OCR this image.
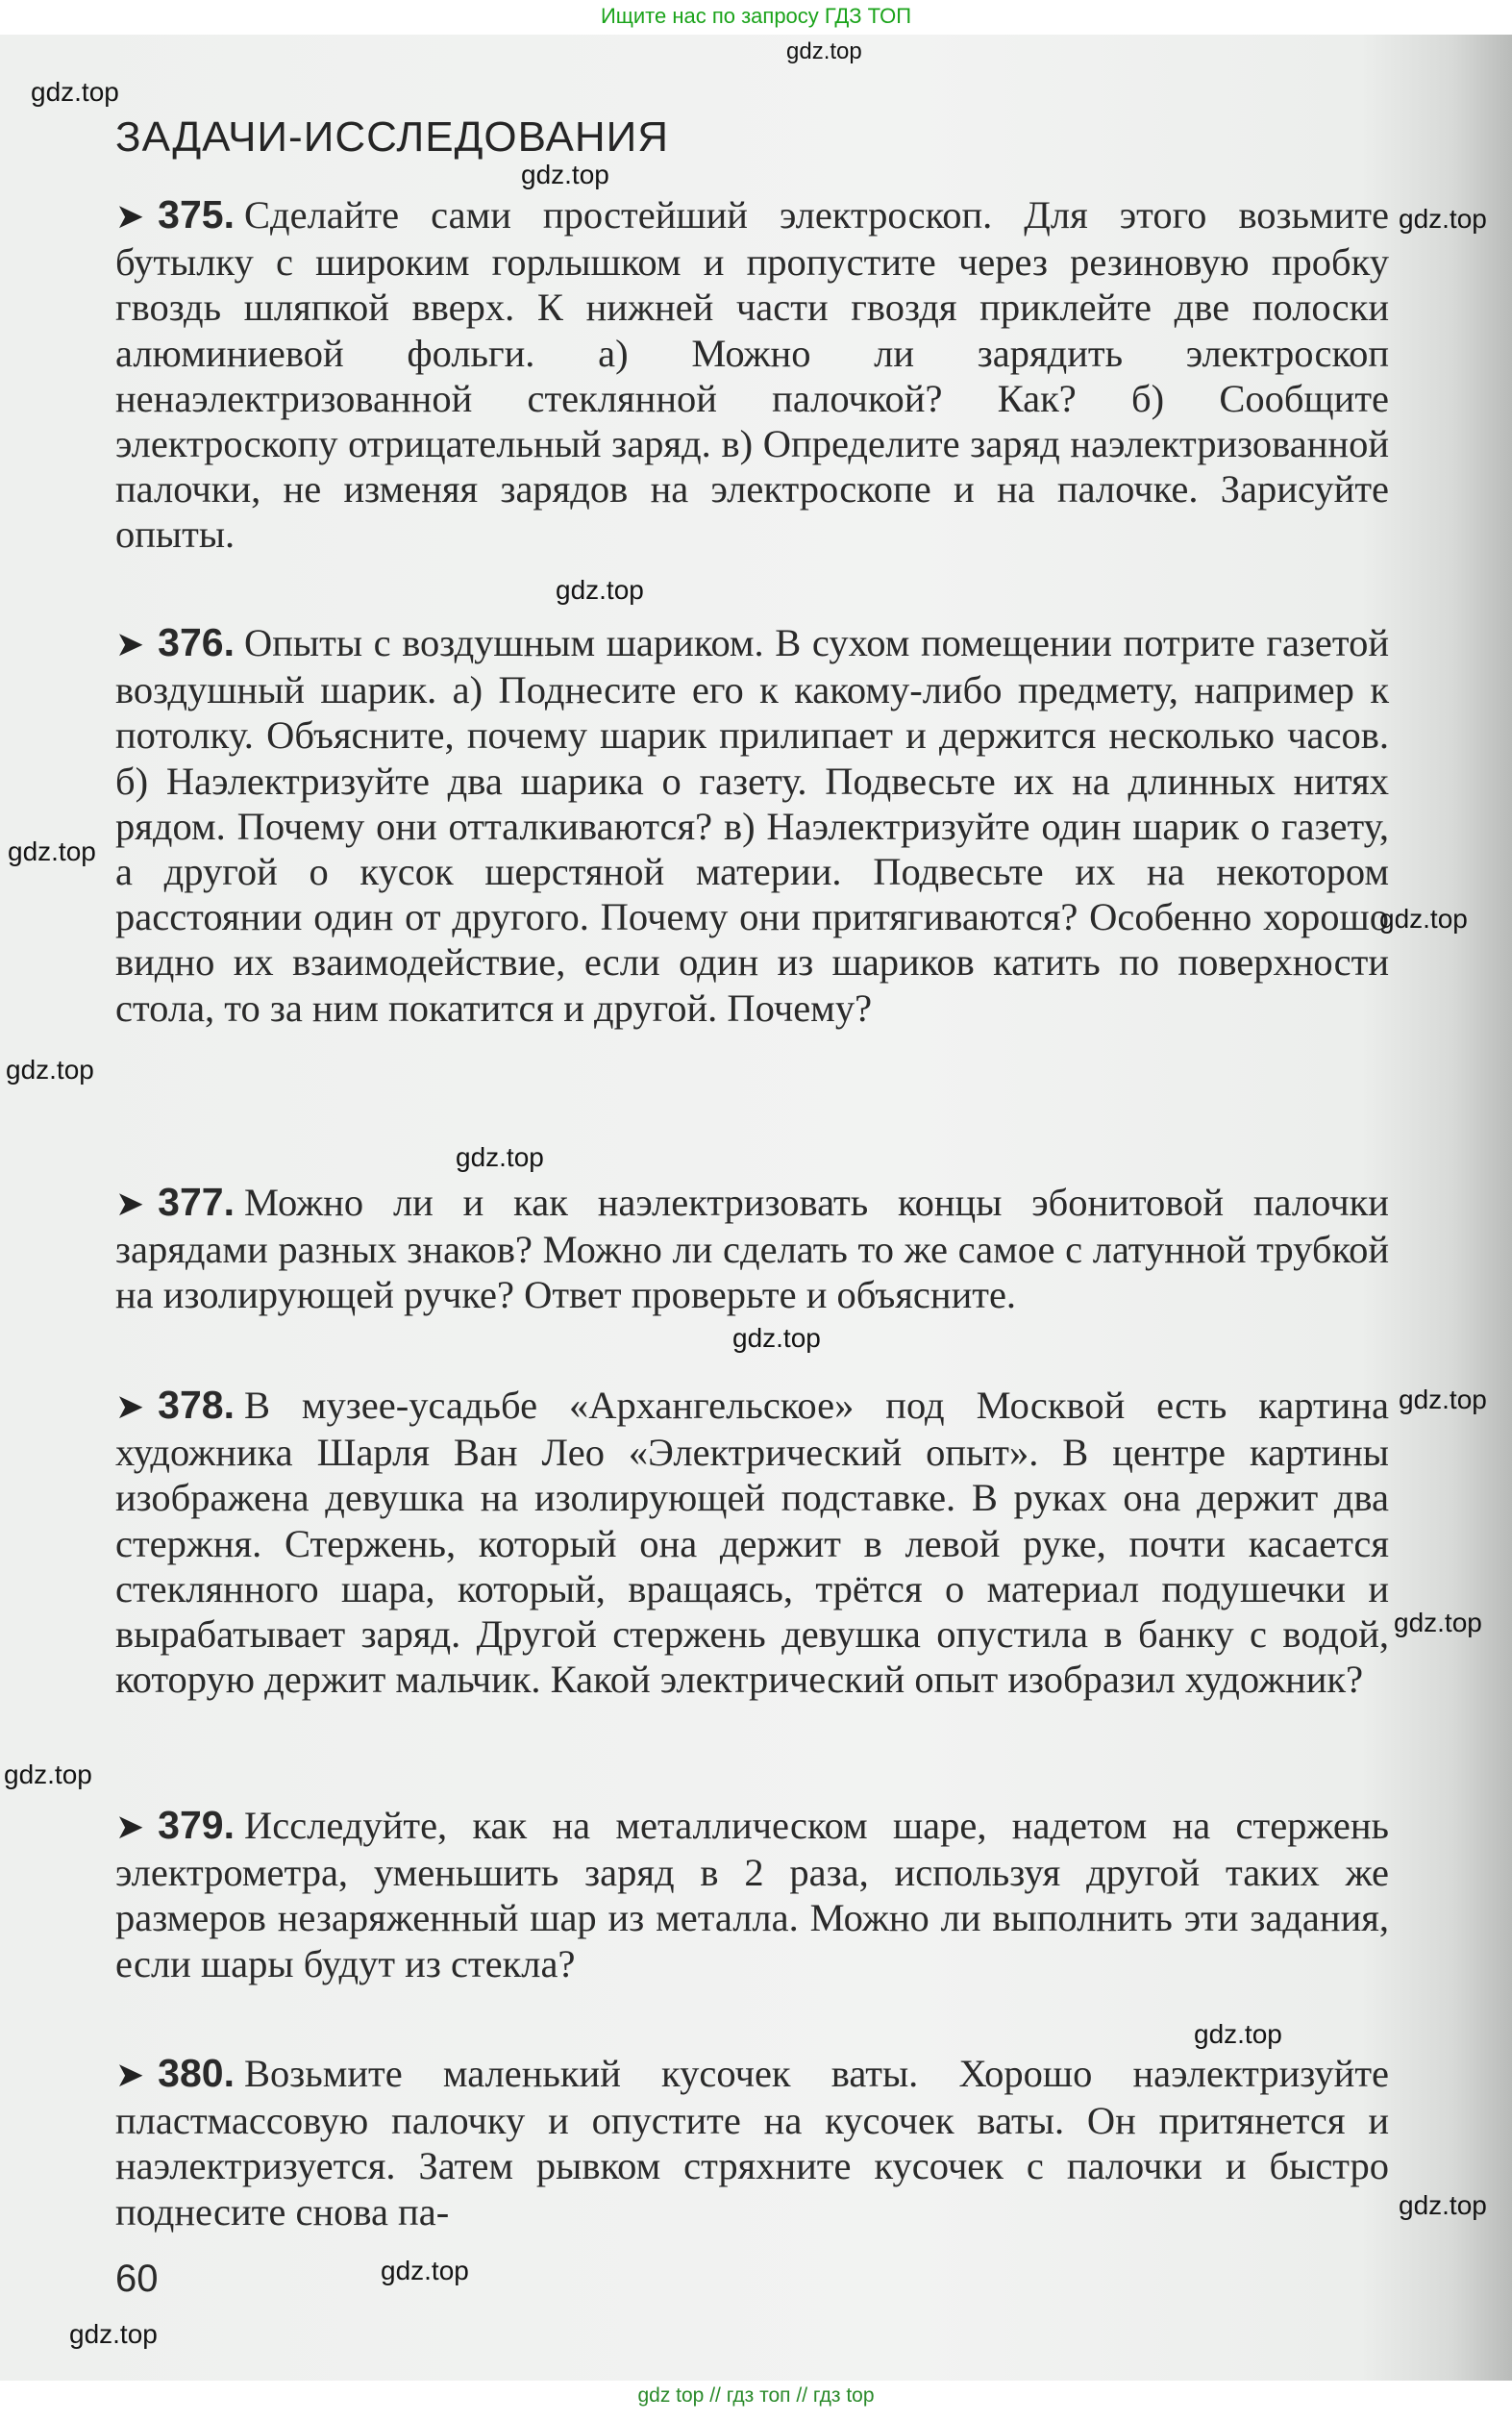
Ищите нас по запросу ГДЗ ТОП
ЗАДАЧИ-ИССЛЕДОВАНИЯ
➤ 375. Сделайте сами простейший электроскоп. Для этого возьмите бутылку с широким горлышком и пропустите через резиновую пробку гвоздь шляпкой вверх. К нижней части гвоздя приклейте две полоски алюминиевой фольги. а) Можно ли зарядить электроскоп ненаэлектризованной стеклянной палочкой? Как? б) Сообщите электроскопу отрицательный заряд. в) Определите заряд наэлектризованной палочки, не изменяя зарядов на электроскопе и на палочке. Зарисуйте опыты.
➤ 376. Опыты с воздушным шариком. В сухом помещении потрите газетой воздушный шарик. а) Поднесите его к какому-либо предмету, например к потолку. Объясните, почему шарик прилипает и держится несколько часов. б) Наэлектризуйте два шарика о газету. Подвесьте их на длинных нитях рядом. Почему они отталкиваются? в) Наэлектризуйте один шарик о газету, а другой о кусок шерстяной материи. Подвесьте их на некотором расстоянии один от другого. Почему они притягиваются? Особенно хорошо видно их взаимодействие, если один из шариков катить по поверхности стола, то за ним покатится и другой. Почему?
➤ 377. Можно ли и как наэлектризовать концы эбонитовой палочки зарядами разных знаков? Можно ли сделать то же самое с латунной трубкой на изолирующей ручке? Ответ проверьте и объясните.
➤ 378. В музее-усадьбе «Архангельское» под Москвой есть картина художника Шарля Ван Лео «Электрический опыт». В центре картины изображена девушка на изолирующей подставке. В руках она держит два стержня. Стержень, который она держит в левой руке, почти касается стеклянного шара, который, вращаясь, трётся о материал подушечки и вырабатывает заряд. Другой стержень девушка опустила в банку с водой, которую держит мальчик. Какой электрический опыт изобразил художник?
➤ 379. Исследуйте, как на металлическом шаре, надетом на стержень электрометра, уменьшить заряд в 2 раза, используя другой таких же размеров незаряженный шар из металла. Можно ли выполнить эти задания, если шары будут из стекла?
➤ 380. Возьмите маленький кусочек ваты. Хорошо наэлектризуйте пластмассовую палочку и опустите на кусочек ваты. Он притянется и наэлектризуется. Затем рывком стряхните кусочек с палочки и быстро поднесите снова па-
60
gdz.top
gdz.top
gdz.top
gdz.top
gdz.top
gdz.top
gdz.top
gdz.top
gdz.top
gdz.top
gdz.top
gdz.top
gdz.top
gdz.top
gdz.top
gdz.top
gdz.top
gdz top // гдз топ // гдз top
